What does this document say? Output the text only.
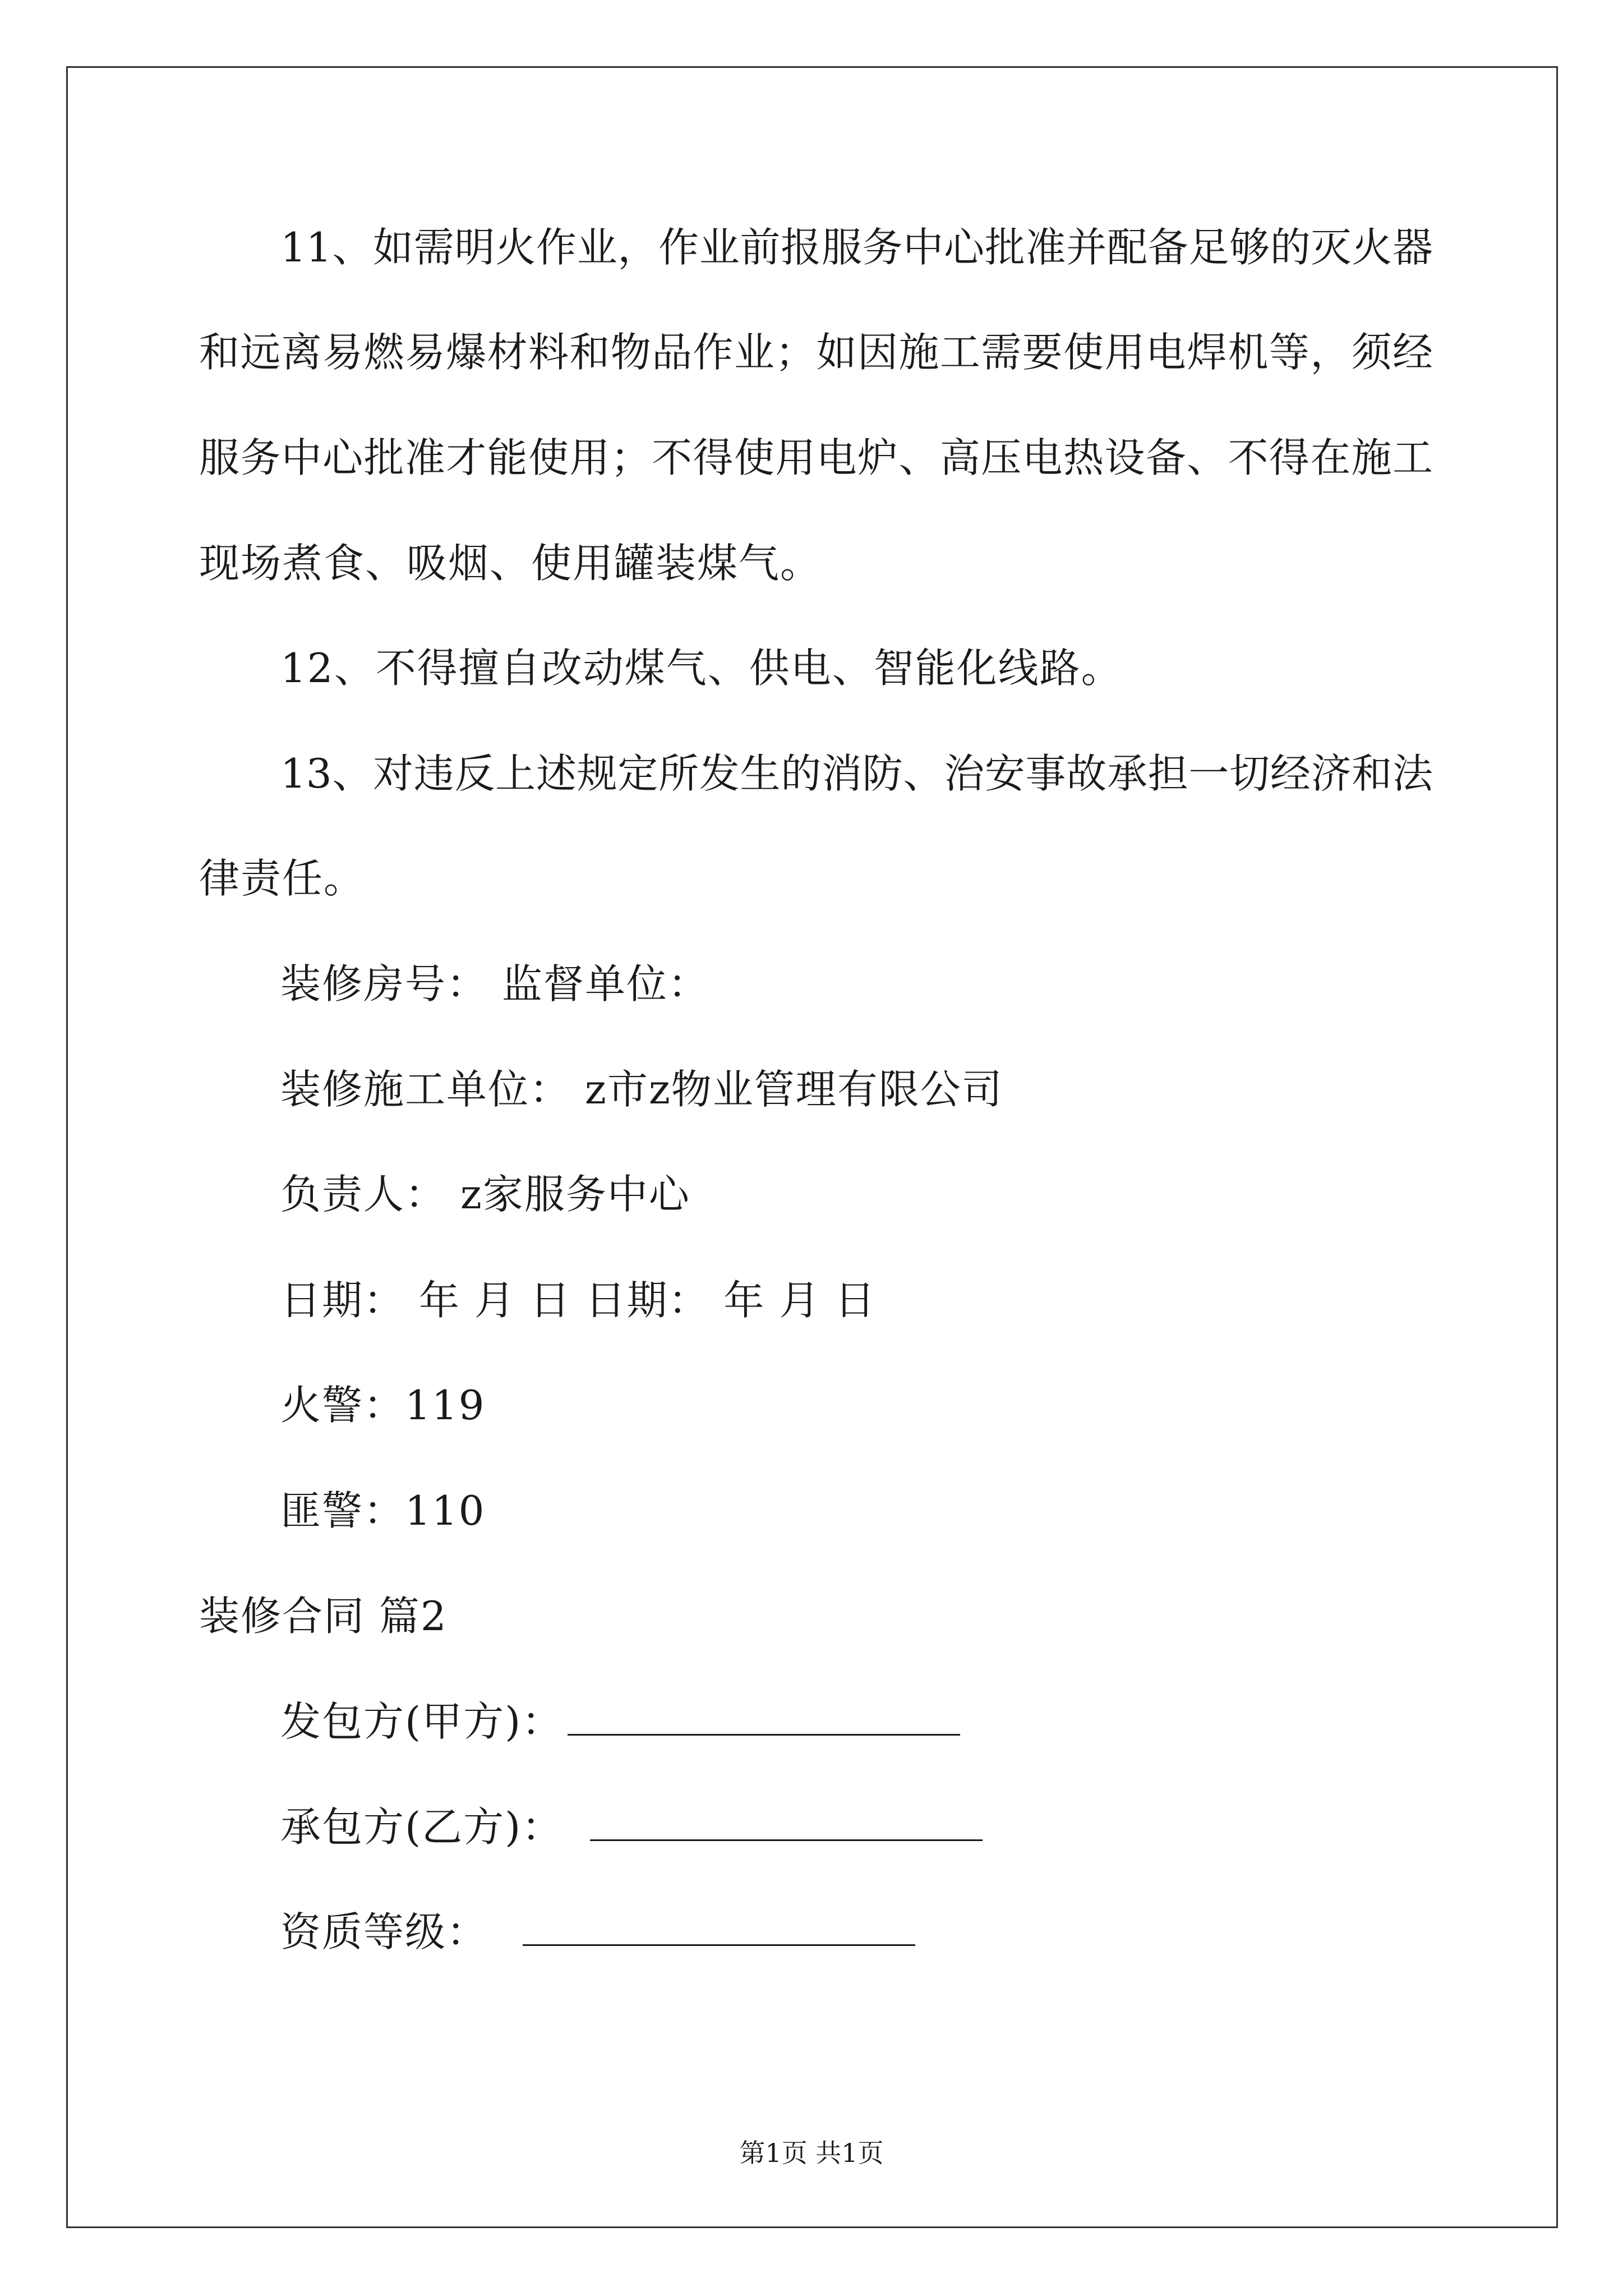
11、如需明火作业，作业前报服务中心批准并配备足够的灭火器
和远离易燃易爆材料和物品作业；如因施工需要使用电焊机等，须经
服务中心批准才能使用；不得使用电炉、高压电热设备、不得在施工
现场煮食、吸烟、使用罐装煤气。
12、不得擅自改动煤气、供电、智能化线路。
13、对违反上述规定所发生的消防、治安事故承担一切经济和法
律责任。
装修房号： 监督单位：
装修施工单位： z市z物业管理有限公司
负责人： z家服务中心
日期： 年 月 日 日期： 年 月 日
火警：119
匪警：110
装修合同 篇2
发包方(甲方)：
承包方(乙方)：
资质等级：
第1页 共1页
